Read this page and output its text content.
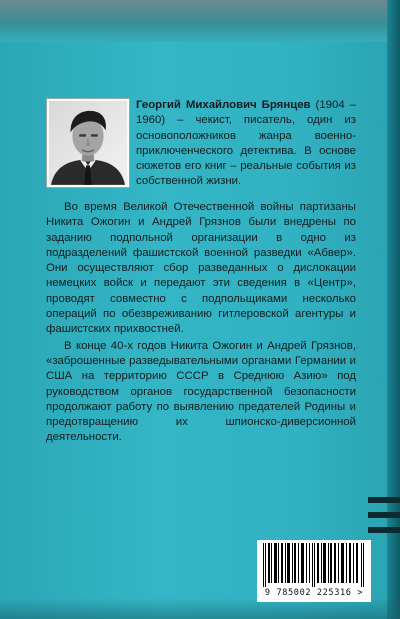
Георгий Михайлович Брянцев (1904 – 1960) – чекист, писатель, один из основоположников жанра военно-приключенческого детектива. В основе сюжетов его книг – реальные события из собственной жизни.

Во время Великой Отечественной войны партизаны Никита Ожогин и Андрей Грязнов были внедрены по заданию подпольной организации в одно из подразделений фашистской военной разведки «Абвер». Они осуществляют сбор разведанных о дислокации немецких войск и передают эти сведения в «Центр», проводят совместно с подпольщиками несколько операций по обезвреживанию гитлеровской агентуры и фашистских прихвостней.

В конце 40-х годов Никита Ожогин и Андрей Грязнов, «заброшенные разведывательными органами Германии и США на территорию СССР в Среднюю Азию» под руководством органов государственной безопасности продолжают работу по выявлению предателей Родины и предотвращению их шпионско-диверсионной деятельности.

9 785002 225316 >
